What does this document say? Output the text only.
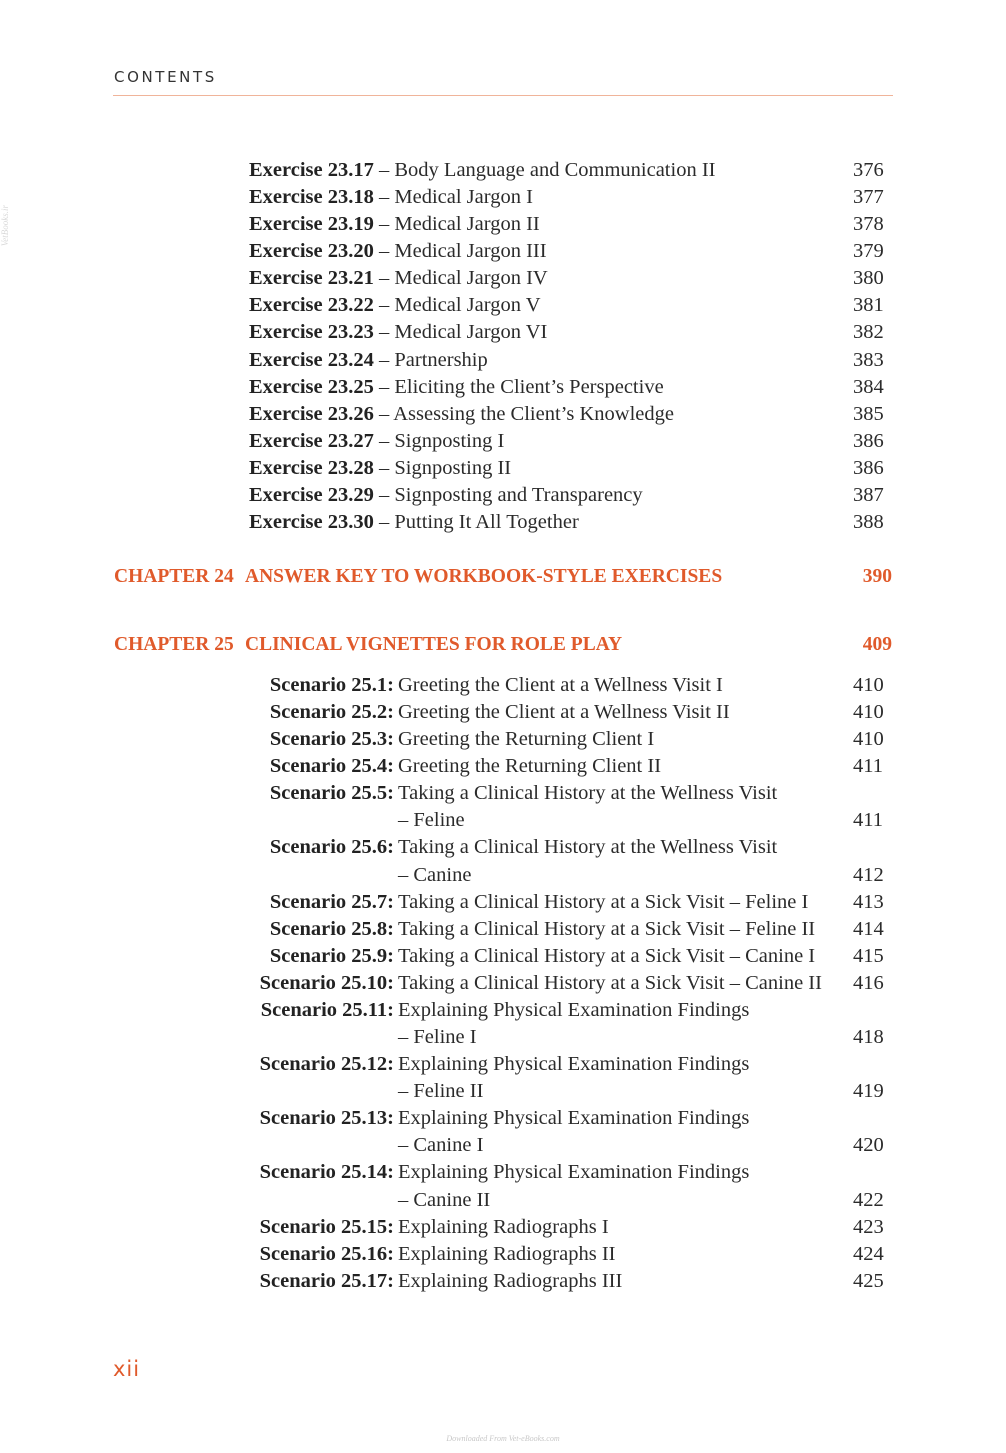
VetBooks.ir
CONTENTS
Exercise 23.17 – Body Language and Communication II	376
Exercise 23.18 – Medical Jargon I	377
Exercise 23.19 – Medical Jargon II	378
Exercise 23.20 – Medical Jargon III	379
Exercise 23.21 – Medical Jargon IV	380
Exercise 23.22 – Medical Jargon V	381
Exercise 23.23 – Medical Jargon VI	382
Exercise 23.24 – Partnership	383
Exercise 23.25 – Eliciting the Client’s Perspective	384
Exercise 23.26 – Assessing the Client’s Knowledge	385
Exercise 23.27 – Signposting I	386
Exercise 23.28 – Signposting II	386
Exercise 23.29 – Signposting and Transparency	387
Exercise 23.30 – Putting It All Together	388
CHAPTER 24 ANSWER KEY TO WORKBOOK-STYLE EXERCISES	390
CHAPTER 25 CLINICAL VIGNETTES FOR ROLE PLAY	409
Scenario 25.1: Greeting the Client at a Wellness Visit I	410
Scenario 25.2: Greeting the Client at a Wellness Visit II	410
Scenario 25.3: Greeting the Returning Client I	410
Scenario 25.4: Greeting the Returning Client II	411
Scenario 25.5: Taking a Clinical History at the Wellness Visit
– Feline	411
Scenario 25.6: Taking a Clinical History at the Wellness Visit
– Canine	412
Scenario 25.7: Taking a Clinical History at a Sick Visit – Feline I 413
Scenario 25.8: Taking a Clinical History at a Sick Visit – Feline II 414
Scenario 25.9: Taking a Clinical History at a Sick Visit – Canine I 415
Scenario 25.10: Taking a Clinical History at a Sick Visit – Canine II 416
Scenario 25.11: Explaining Physical Examination Findings
– Feline I	418
Scenario 25.12: Explaining Physical Examination Findings
– Feline II	419
Scenario 25.13: Explaining Physical Examination Findings
– Canine I	420
Scenario 25.14: Explaining Physical Examination Findings
– Canine II	422
Scenario 25.15: Explaining Radiographs I	423
Scenario 25.16: Explaining Radiographs II	424
Scenario 25.17: Explaining Radiographs III	425
xii
Downloaded From Vet-eBooks.com
